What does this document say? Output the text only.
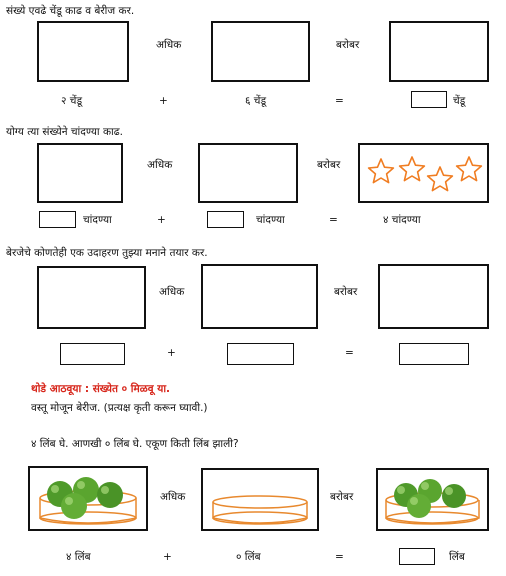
संख्ये एवढे चेंडू काढ व बेरीज कर.
अधिक	बरोबर
२ चेंडू	+	६ चेंडू	=	चेंडू
योग्य त्या संख्येने चांदण्या काढ.
अधिक	बरोबर
चांदण्या	+	चांदण्या	=	४ चांदण्या
बेरजेचे कोणतेही एक उदाहरण तुझ्या मनाने तयार कर.
अधिक	बरोबर
+	=
थोडे आठवूया : संख्येत ० मिळवू या.
वस्तू मोजून बेरीज. (प्रत्यक्ष कृती करून घ्यावी.)
४ लिंब घे. आणखी ० लिंब घे. एकूण किती लिंब झाली?
अधिक	बरोबर
४ लिंब	+	० लिंब	=	लिंब
